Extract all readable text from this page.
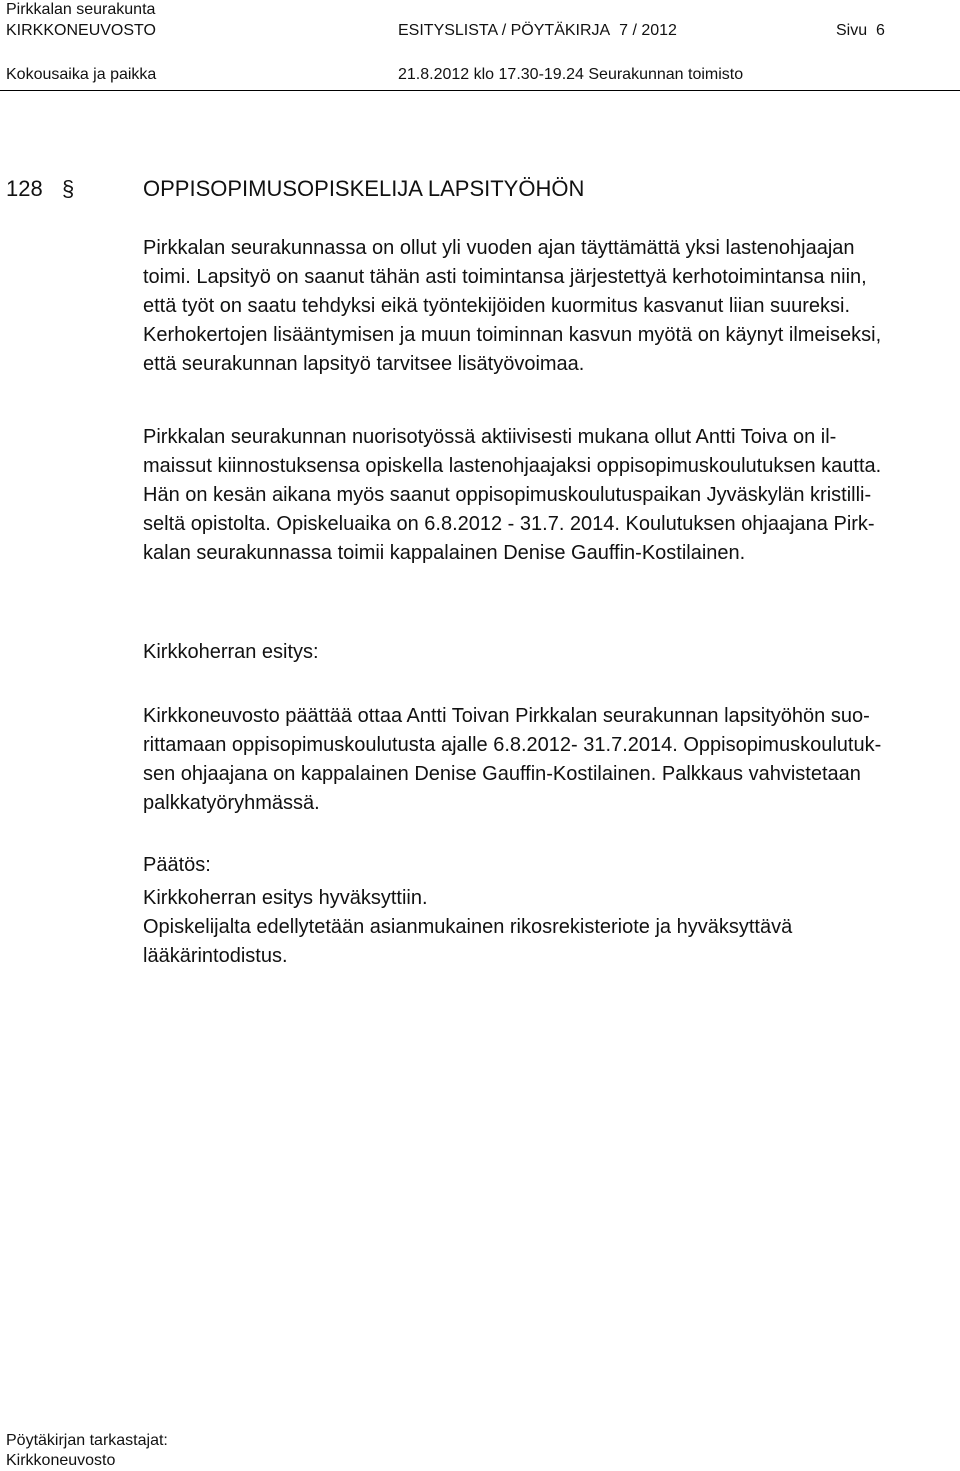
Pirkkalan seurakunta
KIRKKONEUVOSTO	ESITYSLISTA / PÖYTÄKIRJA 7 / 2012	Sivu 6
Kokousaika ja paikka	21.8.2012 klo 17.30-19.24 Seurakunnan toimisto
128 §	OPPISOPIMUSOPISKELIJA LAPSITYÖHÖN

Pirkkalan seurakunnassa on ollut yli vuoden ajan täyttämättä yksi lastenohjaajan

toimi. Lapsityö on saanut tähän asti toimintansa järjestettyä kerhotoimintansa niin,

että työt on saatu tehdyksi eikä työntekijöiden kuormitus kasvanut liian suureksi.

Kerhokertojen lisääntymisen ja muun toiminnan kasvun myötä on käynyt ilmeiseksi,

että seurakunnan lapsityö tarvitsee lisätyövoimaa.

Pirkkalan seurakunnan nuorisotyössä aktiivisesti mukana ollut Antti Toiva on il-

maissut kiinnostuksensa opiskella lastenohjaajaksi oppisopimuskoulutuksen kautta.

Hän on kesän aikana myös saanut oppisopimuskoulutuspaikan Jyväskylän kristilli-

seltä opistolta. Opiskeluaika on 6.8.2012 - 31.7. 2014. Koulutuksen ohjaajana Pirk-

kalan seurakunnassa toimii kappalainen Denise Gauffin-Kostilainen.

Kirkkoherran esitys:

Kirkkoneuvosto päättää ottaa Antti Toivan Pirkkalan seurakunnan lapsityöhön suo-

rittamaan oppisopimuskoulutusta ajalle 6.8.2012- 31.7.2014. Oppisopimuskoulutuk-

sen ohjaajana on kappalainen Denise Gauffin-Kostilainen. Palkkaus vahvistetaan

palkkatyöryhmässä.

Päätös:

Kirkkoherran esitys hyväksyttiin.

Opiskelijalta edellytetään asianmukainen rikosrekisteriote ja hyväksyttävä

lääkärintodistus.

Pöytäkirjan tarkastajat:
Kirkkoneuvosto
